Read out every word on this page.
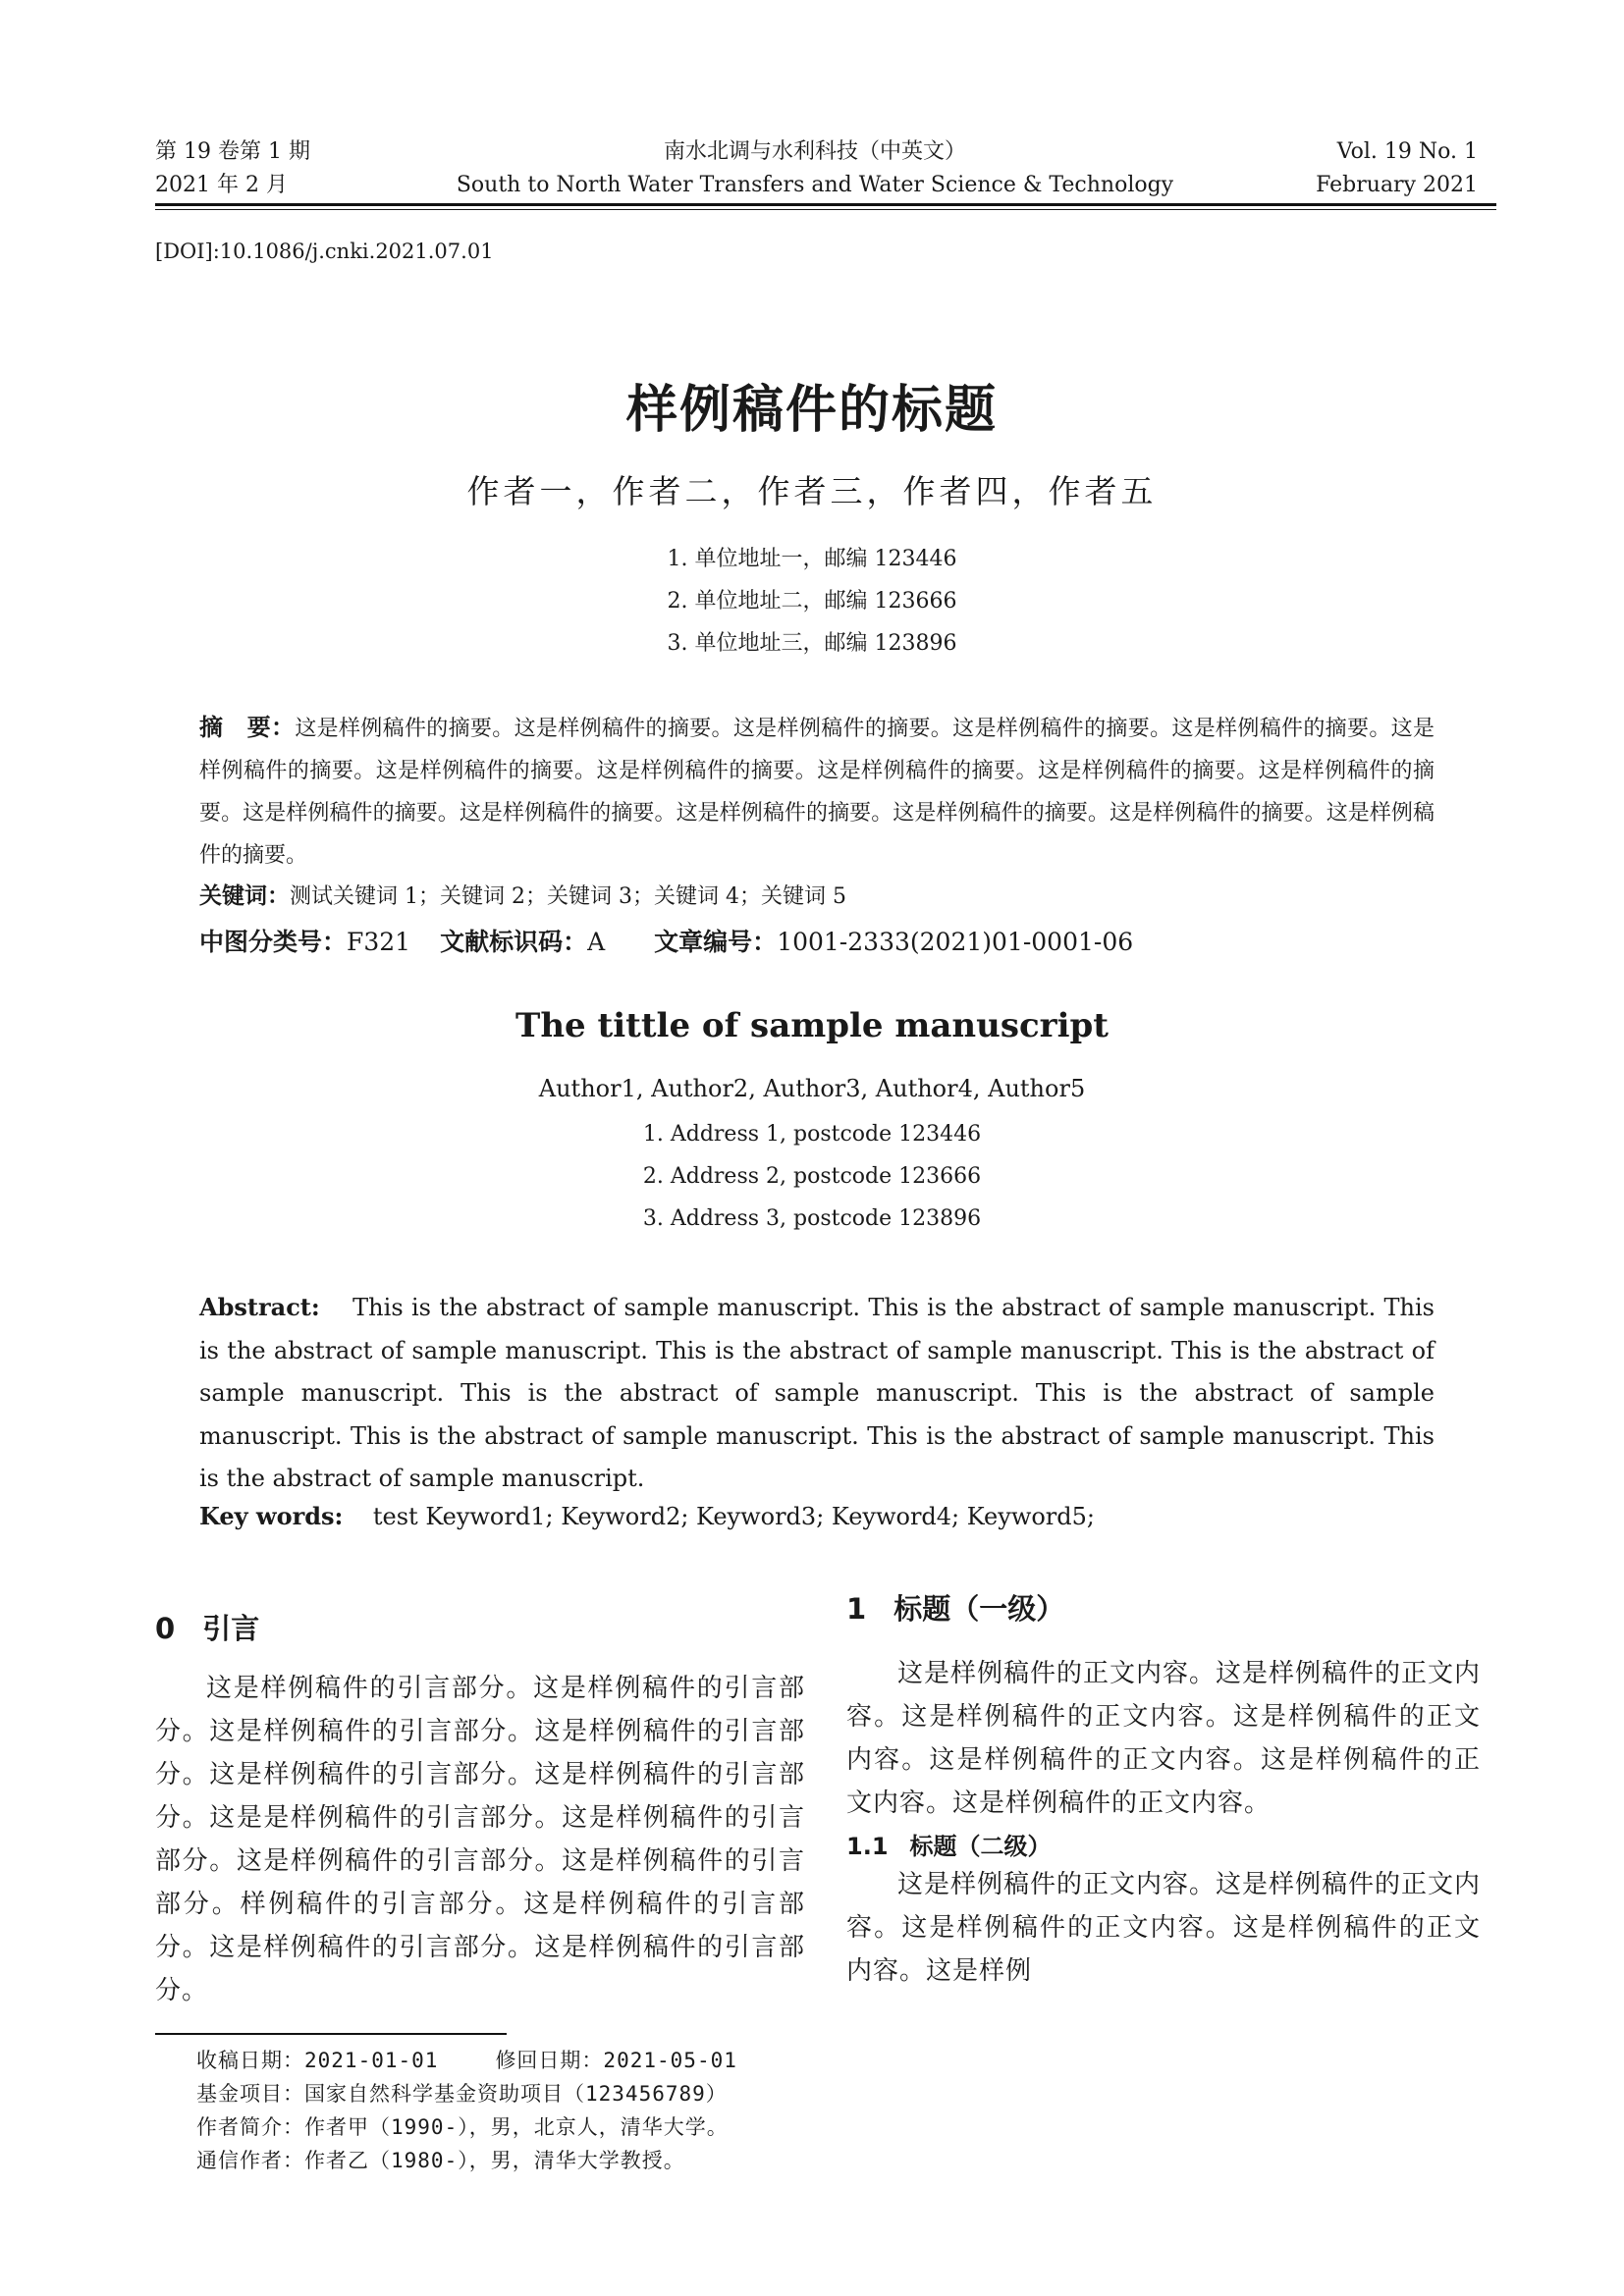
第 19 卷第 1 期
2021 年 2 月
南水北调与水利科技（中英文）
South to North Water Transfers and Water Science & Technology
Vol. 19 No. 1
February 2021
[DOI]:10.1086/j.cnki.2021.07.01
样例稿件的标题
作者一，作者二，作者三，作者四，作者五
1. 单位地址一，邮编 123446
2. 单位地址二，邮编 123666
3. 单位地址三，邮编 123896
摘　要：这是样例稿件的摘要。这是样例稿件的摘要。这是样例稿件的摘要。这是样例稿件的摘要。这是样例稿件的摘要。这是样例稿件的摘要。这是样例稿件的摘要。这是样例稿件的摘要。这是样例稿件的摘要。这是样例稿件的摘要。这是样例稿件的摘要。这是样例稿件的摘要。这是样例稿件的摘要。这是样例稿件的摘要。这是样例稿件的摘要。这是样例稿件的摘要。这是样例稿件的摘要。
关键词：测试关键词 1；关键词 2；关键词 3；关键词 4；关键词 5
中图分类号：F321 文献标识码：A 文章编号：1001-2333(2021)01-0001-06
The tittle of sample manuscript
Author1, Author2, Author3, Author4, Author5
1. Address 1, postcode 123446
2. Address 2, postcode 123666
3. Address 3, postcode 123896
Abstract: This is the abstract of sample manuscript. This is the abstract of sample manuscript. This is the abstract of sample manuscript. This is the abstract of sample manuscript. This is the abstract of sample manuscript. This is the abstract of sample manuscript. This is the abstract of sample manuscript. This is the abstract of sample manuscript. This is the abstract of sample manuscript. This is the abstract of sample manuscript.
Key words: test Keyword1; Keyword2; Keyword3; Keyword4; Keyword5;
0 引言
这是样例稿件的引言部分。这是样例稿件的引言部分。这是样例稿件的引言部分。这是样例稿件的引言部分。这是样例稿件的引言部分。这是样例稿件的引言部分。这是是样例稿件的引言部分。这是样例稿件的引言部分。这是样例稿件的引言部分。这是样例稿件的引言部分。样例稿件的引言部分。这是样例稿件的引言部分。这是样例稿件的引言部分。这是样例稿件的引言部分。
1 标题（一级）
这是样例稿件的正文内容。这是样例稿件的正文内容。这是样例稿件的正文内容。这是样例稿件的正文内容。这是样例稿件的正文内容。这是样例稿件的正文内容。这是样例稿件的正文内容。
1.1 标题（二级）
这是样例稿件的正文内容。这是样例稿件的正文内容。这是样例稿件的正文内容。这是样例稿件的正文内容。这是样例
收稿日期：2021-01-01	修回日期：2021-05-01
基金项目：国家自然科学基金资助项目（123456789）
作者简介：作者甲（1990-），男，北京人，清华大学。
通信作者：作者乙（1980-），男，清华大学教授。
